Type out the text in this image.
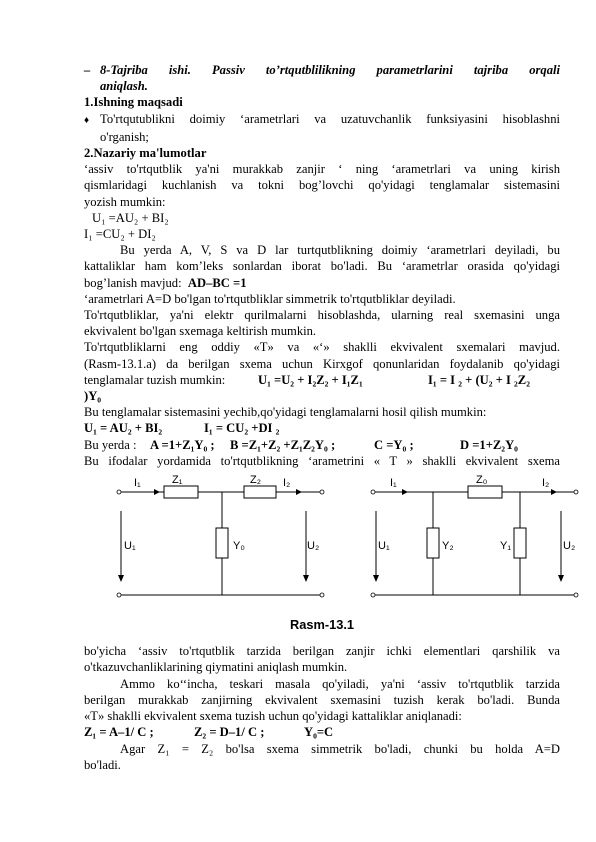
– 8-Tajriba ishi. Passiv to’rtqutblilikning parametrlarini tajriba orqali
aniqlash.
1.Ishning maqsadi
♦ To'rtqutublikni doimiy ‘arametrlari va uzatuvchanlik funksiyasini hisoblashni
o'rganish;
2.Nazariy ma'lumotlar
‘assiv to'rtqutblik ya'ni murakkab zanjir ‘ ning ‘arametrlari va uning kirish
qismlaridagi kuchlanish va tokni bog’lovchi qo'yidagi tenglamalar sistemasini
yozish mumkin:
U₁ =AU₂ + BI₂
I₁ =CU₂ + DI₂
Bu yerda A, V, S va D lar turtqutblikning doimiy ‘arametrlari deyiladi, bu
kattaliklar ham kom’leks sonlardan iborat bo'ladi. Bu ‘arametrlar orasida qo'yidagi
bog’lanish mavjud: AD–BC =1
‘arametrlari A=D bo'lgan to'rtqutbliklar simmetrik to'rtqutbliklar deyiladi.
To'rtqutbliklar, ya'ni elektr qurilmalarni hisoblashda, ularning real sxemasini unga
ekvivalent bo'lgan sxemaga keltirish mumkin.
To'rtqutbliklarni eng oddiy «T» va «‘» shaklli ekvivalent sxemalari mavjud.
(Rasm-13.1.a) da berilgan sxema uchun Kirxgof qonunlaridan foydalanib qo'yidagi
tenglamalar tuzish mumkin:	U₁ =U₂ + I₂Z₂ + I₁Z₁	I₁ = I ₂ + (U₂ + I ₂Z₂
)Y₀
Bu tenglamalar sistemasini yechib,qo'yidagi tenglamalarni hosil qilish mumkin:
U₁ = AU₂ + BI₂	I₁ = CU₂ +DI ₂
Bu yerda :	A =1+Z₁Y₀ ;	B =Z₁+Z₂ +Z₁Z₂Y₀ ;	C =Y₀ ;	D =1+Z₂Y₀
Bu ifodalar yordamida to'rtqutblikning ‘arametrini « T » shaklli ekvivalent sxema
I₁	Z₁	Z₂ I₂
U₁	Y₀	U₂
I₁	Z₀	I₂
U₁	Y₂	Y₁	U₂
Rasm-13.1
bo'yicha ‘assiv to'rtqutblik tarzida berilgan zanjir ichki elementlari qarshilik va
o'tkazuvchanliklarining qiymatini aniqlash mumkin.
Ammo ko‘‘incha, teskari masala qo'yiladi, ya'ni ‘assiv to'rtqutblik tarzida
berilgan murakkab zanjirning ekvivalent sxemasini tuzish kerak bo'ladi. Bunda
«T» shaklli ekvivalent sxema tuzish uchun qo'yidagi kattaliklar aniqlanadi:
Z₁ = A–1/ C ;	Z₂ = D–1/ C ;	Y₀=C
Agar Z₁ = Z₂ bo'lsa sxema simmetrik bo'ladi, chunki bu holda A=D
bo'ladi.
